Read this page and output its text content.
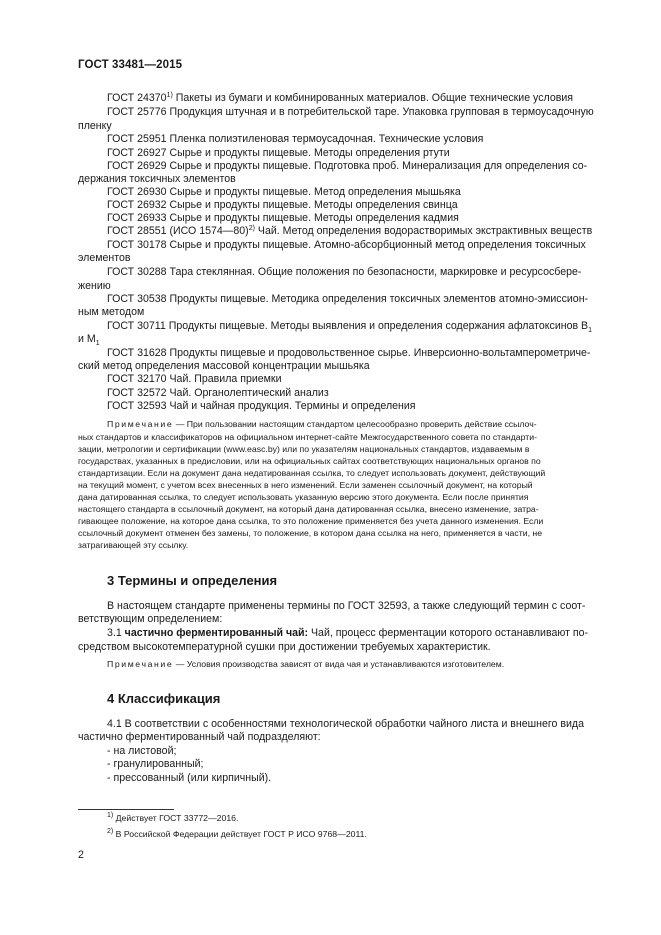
ГОСТ 33481—2015
ГОСТ 24370$^{1)}$ Пакеты из бумаги и комбинированных материалов. Общие технические условия
ГОСТ 25776 Продукция штучная и в потребительской таре. Упаковка групповая в термоусадочную
пленку
ГОСТ 25951 Пленка полиэтиленовая термоусадочная. Технические условия
ГОСТ 26927 Сырье и продукты пищевые. Методы определения ртути
ГОСТ 26929 Сырье и продукты пищевые. Подготовка проб. Минерализация для определения со-
держания токсичных элементов
ГОСТ 26930 Сырье и продукты пищевые. Метод определения мышьяка
ГОСТ 26932 Сырье и продукты пищевые. Методы определения свинца
ГОСТ 26933 Сырье и продукты пищевые. Методы определения кадмия
ГОСТ 28551 (ИСО 1574—80)$^{2)}$ Чай. Метод определения водорастворимых экстрактивных веществ
ГОСТ 30178 Сырье и продукты пищевые. Атомно-абсорбционный метод определения токсичных
элементов
ГОСТ 30288 Тара стеклянная. Общие положения по безопасности, маркировке и ресурсосбере-
жению
ГОСТ 30538 Продукты пищевые. Методика определения токсичных элементов атомно-эмиссион-
ным методом
ГОСТ 30711 Продукты пищевые. Методы выявления и определения содержания афлатоксинов $B_1$
и $M_1$
ГОСТ 31628 Продукты пищевые и продовольственное сырье. Инверсионно-вольтамперометриче-
ский метод определения массовой концентрации мышьяка
ГОСТ 32170 Чай. Правила приемки
ГОСТ 32572 Чай. Органолептический анализ
ГОСТ 32593 Чай и чайная продукция. Термины и определения
Примечание — При пользовании настоящим стандартом целесообразно проверить действие ссылоч-
ных стандартов и классификаторов на официальном интернет-сайте Межгосударственного совета по стандарти-
зации, метрологии и сертификации (www.easc.by) или по указателям национальных стандартов, издаваемым в
государствах, указанных в предисловии, или на официальных сайтах соответствующих национальных органов по
стандартизации. Если на документ дана недатированная ссылка, то следует использовать документ, действующий
на текущий момент, с учетом всех внесенных в него изменений. Если заменен ссылочный документ, на который
дана датированная ссылка, то следует использовать указанную версию этого документа. Если после принятия
настоящего стандарта в ссылочный документ, на который дана датированная ссылка, внесено изменение, затра-
гивающее положение, на которое дана ссылка, то это положение применяется без учета данного изменения. Если
ссылочный документ отменен без замены, то положение, в котором дана ссылка на него, применяется в части, не
затрагивающей эту ссылку.
3 Термины и определения
В настоящем стандарте применены термины по ГОСТ 32593, а также следующий термин с соот-
ветствующим определением:
3.1 частично ферментированный чай: Чай, процесс ферментации которого останавливают по-
средством высокотемпературной сушки при достижении требуемых характеристик.
Примечание — Условия производства зависят от вида чая и устанавливаются изготовителем.
4 Классификация
4.1 В соответствии с особенностями технологической обработки чайного листа и внешнего вида
частично ферментированный чай подразделяют:
- на листовой;
- гранулированный;
- прессованный (или кирпичный).
$^{1)}$ Действует ГОСТ 33772—2016.
$^{2)}$ В Российской Федерации действует ГОСТ Р ИСО 9768—2011.
2
